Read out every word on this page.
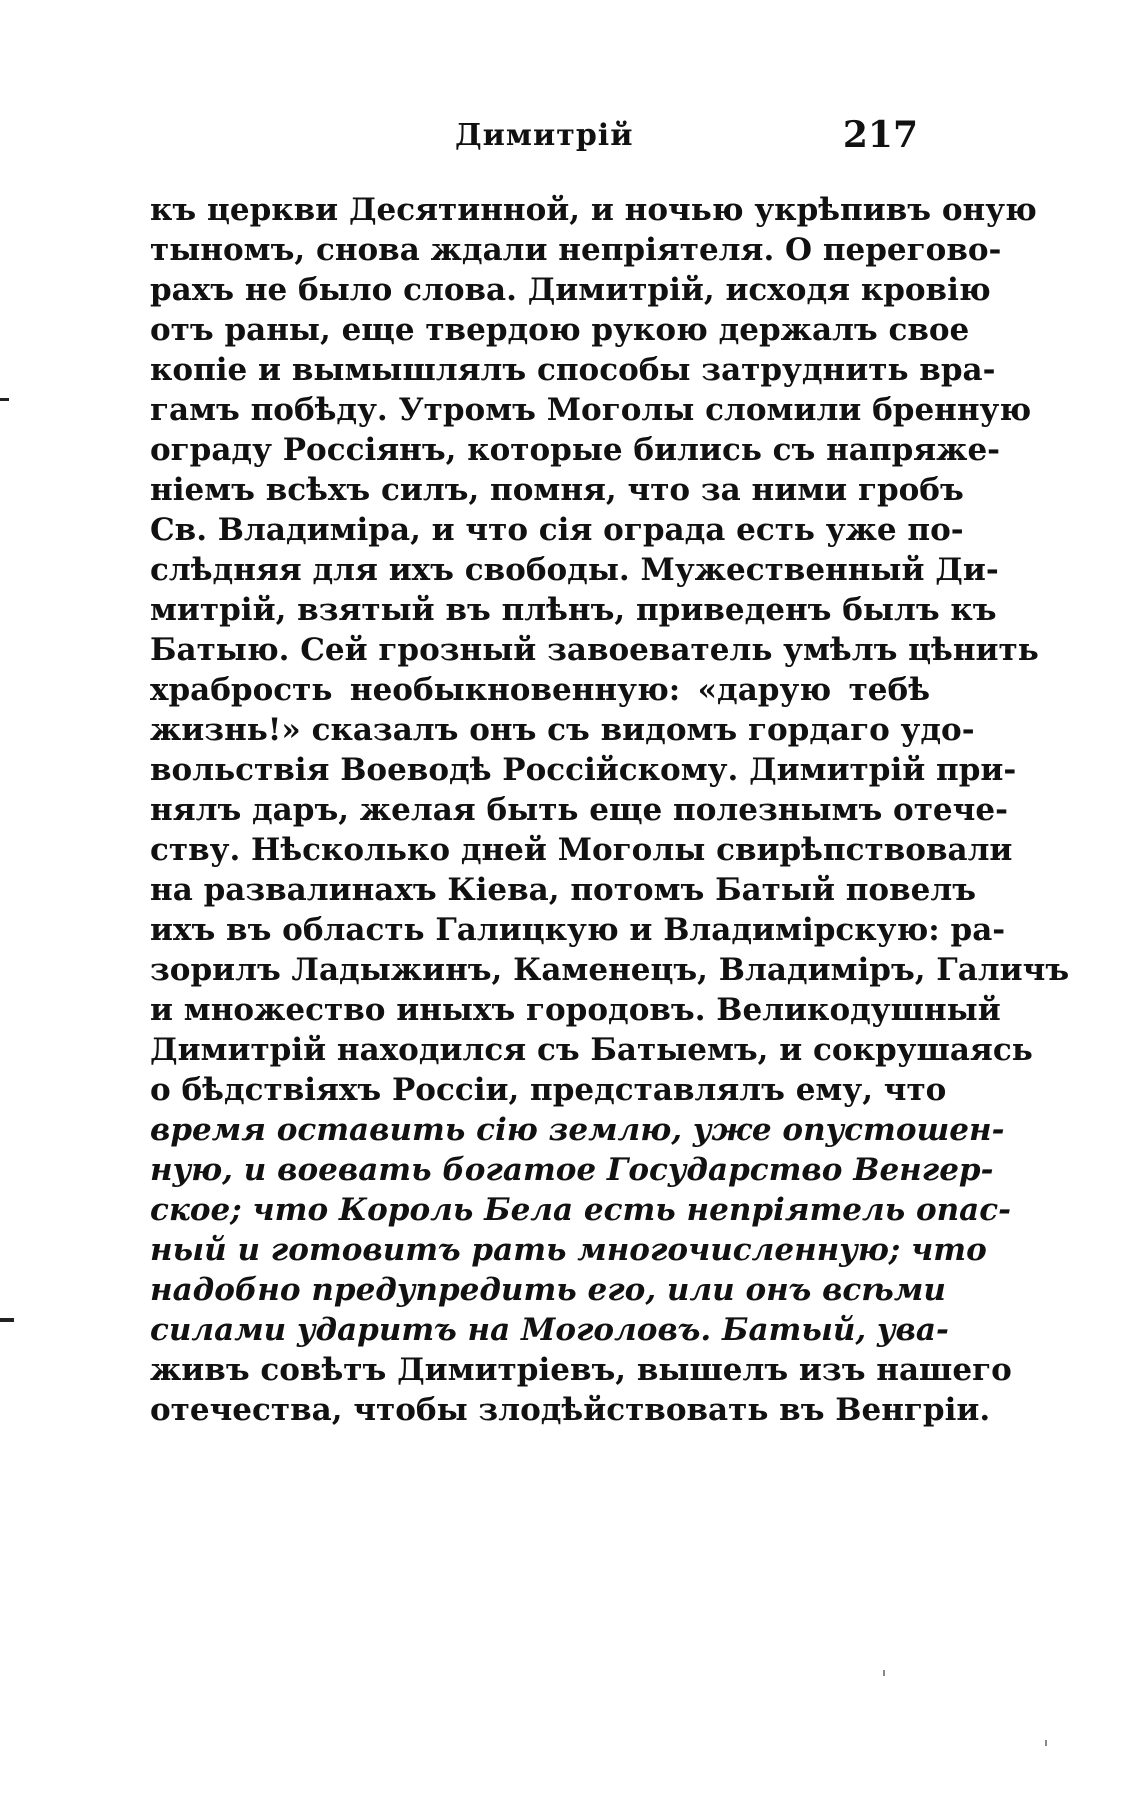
Димитрій	217
къ церкви Десятинной, и ночью укрѣпивъ оную
тыномъ, снова ждали непріятеля. О перегово-
рахъ не было слова. Димитрій, исходя кровію
отъ раны, еще твердою рукою держалъ свое
копіе и вымышлялъ способы затруднить вра-
гамъ побѣду. Утромъ Моголы сломили бренную
ограду Россіянъ, которые бились съ напряже-
ніемъ всѣхъ силъ, помня, что за ними гробъ
Св. Владиміра, и что сія ограда есть уже по-
слѣдняя для ихъ свободы. Мужественный Ди-
митрій, взятый въ плѣнъ, приведенъ былъ къ
Батыю. Сей грозный завоеватель умѣлъ цѣнить
храбрость необыкновенную: «дарую тебѣ
жизнь!» сказалъ онъ съ видомъ гордаго удо-
вольствія Воеводѣ Россійскому. Димитрій при-
нялъ даръ, желая быть еще полезнымъ отече-
ству. Нѣсколько дней Моголы свирѣпствовали
на развалинахъ Кіева, потомъ Батый повелъ
ихъ въ область Галицкую и Владимірскую: ра-
зорилъ Ладыжинъ, Каменецъ, Владиміръ, Галичъ
и множество иныхъ городовъ. Великодушный
Димитрій находился съ Батыемъ, и сокрушаясь
о бѣдствіяхъ Россіи, представлялъ ему, что
время оставить сію землю, уже опустошен-
ную, и воевать богатое Государство Венгер-
ское; что Король Бела есть непріятель опас-
ный и готовитъ рать многочисленную; что
надобно предупредить его, или онъ всѣми
силами ударитъ на Моголовъ. Батый, ува-
живъ совѣтъ Димитріевъ, вышелъ изъ нашего
отечества, чтобы злодѣйствовать въ Венгріи.
